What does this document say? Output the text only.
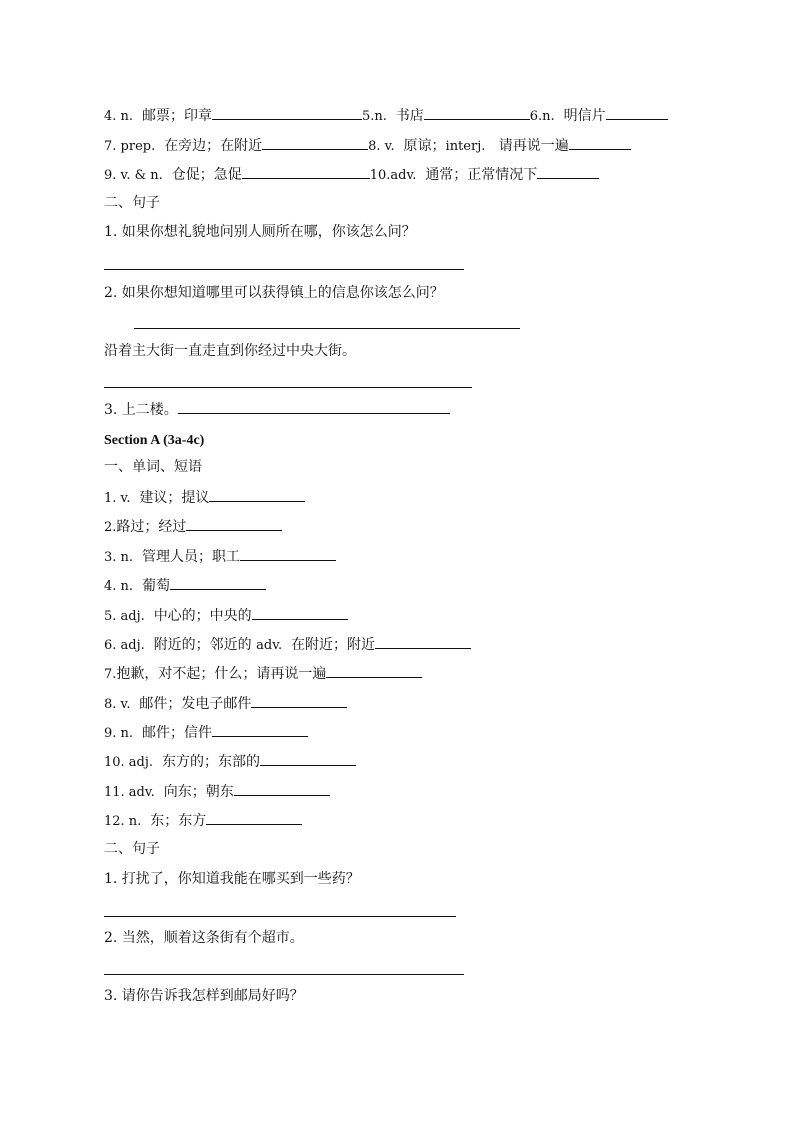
4. n. 邮票；印章	5.n. 书店	6.n. 明信片
7. prep. 在旁边；在附近	8. v. 原谅；interj. 请再说一遍
9. v. & n. 仓促；急促	10.adv. 通常；正常情况下
二、句子
1. 如果你想礼貌地问别人厕所在哪，你该怎么问？
2. 如果你想知道哪里可以获得镇上的信息你该怎么问？
沿着主大街一直走直到你经过中央大街。
3. 上二楼。
Section A (3a-4c)
一、单词、短语
1. v. 建议；提议
2.路过；经过
3. n. 管理人员；职工
4. n. 葡萄
5. adj. 中心的；中央的
6. adj. 附近的；邻近的 adv. 在附近；附近
7.抱歉，对不起；什么；请再说一遍
8. v. 邮件；发电子邮件
9. n. 邮件；信件
10. adj. 东方的；东部的
11. adv. 向东；朝东
12. n. 东；东方
二、句子
1. 打扰了，你知道我能在哪买到一些药？
2. 当然，顺着这条街有个超市。
3. 请你告诉我怎样到邮局好吗？
